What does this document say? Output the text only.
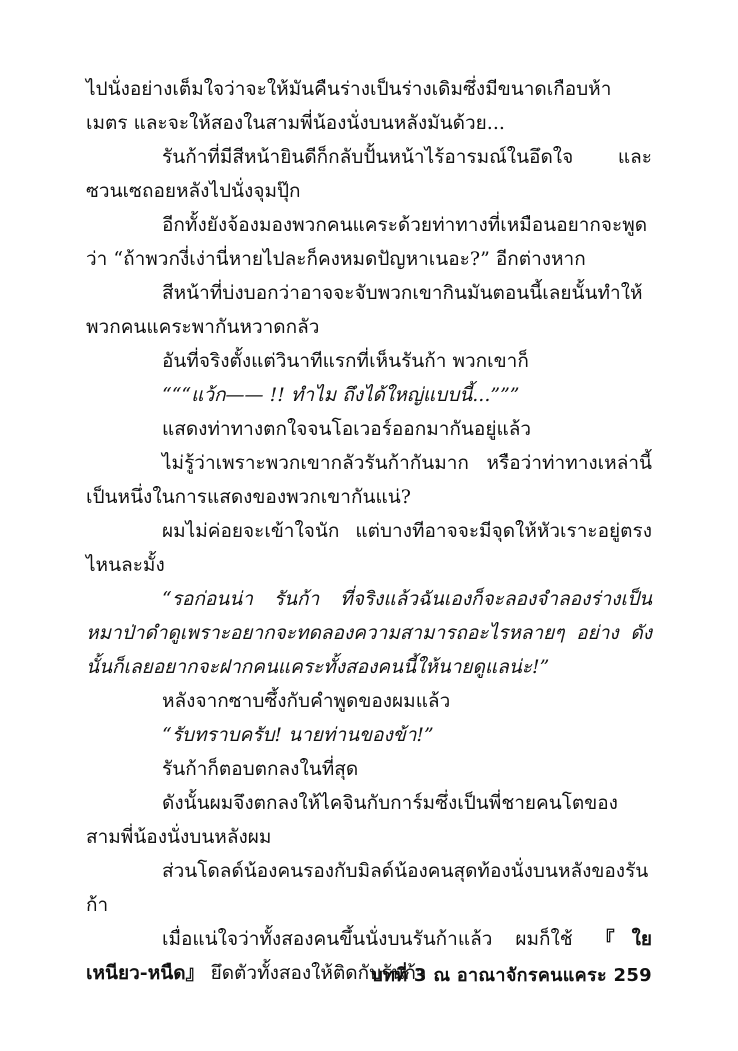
ไปนั่งอย่างเต็มใจว่าจะให้มันคืนร่างเป็นร่างเดิมซึ่งมีขนาดเกือบห้าเมตร และจะให้สองในสามพี่น้องนั่งบนหลังมันด้วย...

รันก้าที่มีสีหน้ายินดีก็กลับปั้นหน้าไร้อารมณ์ในอึดใจ และซวนเซถอยหลังไปนั่งจุมปุ๊ก

อีกทั้งยังจ้องมองพวกคนแคระด้วยท่าทางที่เหมือนอยากจะพูดว่า “ถ้าพวกงี่เง่านี่หายไปละก็คงหมดปัญหาเนอะ?” อีกต่างหาก

สีหน้าที่บ่งบอกว่าอาจจะจับพวกเขากินมันตอนนี้เลยนั้นทำให้พวกคนแคระพากันหวาดกลัว

อันที่จริงตั้งแต่วินาทีแรกที่เห็นรันก้า พวกเขาก็

“““แว้ก—— !! ทำไม ถึงได้ใหญ่แบบนี้...”””

แสดงท่าทางตกใจจนโอเวอร์ออกมากันอยู่แล้ว

ไม่รู้ว่าเพราะพวกเขากลัวรันก้ากันมาก หรือว่าท่าทางเหล่านี้เป็นหนึ่งในการแสดงของพวกเขากันแน่?

ผมไม่ค่อยจะเข้าใจนัก แต่บางทีอาจจะมีจุดให้หัวเราะอยู่ตรงไหนละมั้ง

“รอก่อนน่า รันก้า ที่จริงแล้วฉันเองก็จะลองจำลองร่างเป็นหมาป่าดำดูเพราะอยากจะทดลองความสามารถอะไรหลายๆ อย่าง ดังนั้นก็เลยอยากจะฝากคนแคระทั้งสองคนนี้ให้นายดูแลน่ะ!”

หลังจากซาบซึ้งกับคำพูดของผมแล้ว

“รับทราบครับ! นายท่านของข้า!”

รันก้าก็ตอบตกลงในที่สุด

ดังนั้นผมจึงตกลงให้ไคจินกับการ์มซึ่งเป็นพี่ชายคนโตของสามพี่น้องนั่งบนหลังผม

ส่วนโดลด์น้องคนรองกับมิลด์น้องคนสุดท้องนั่งบนหลังของรันก้า

เมื่อแน่ใจว่าทั้งสองคนขึ้นนั่งบนรันก้าแล้ว ผมก็ใช้ 『ใยเหนียว-หนืด』 ยึดตัวทั้งสองให้ติดกับรันก้า

บทที่ 3 ณ อาณาจักรคนแคระ 259
